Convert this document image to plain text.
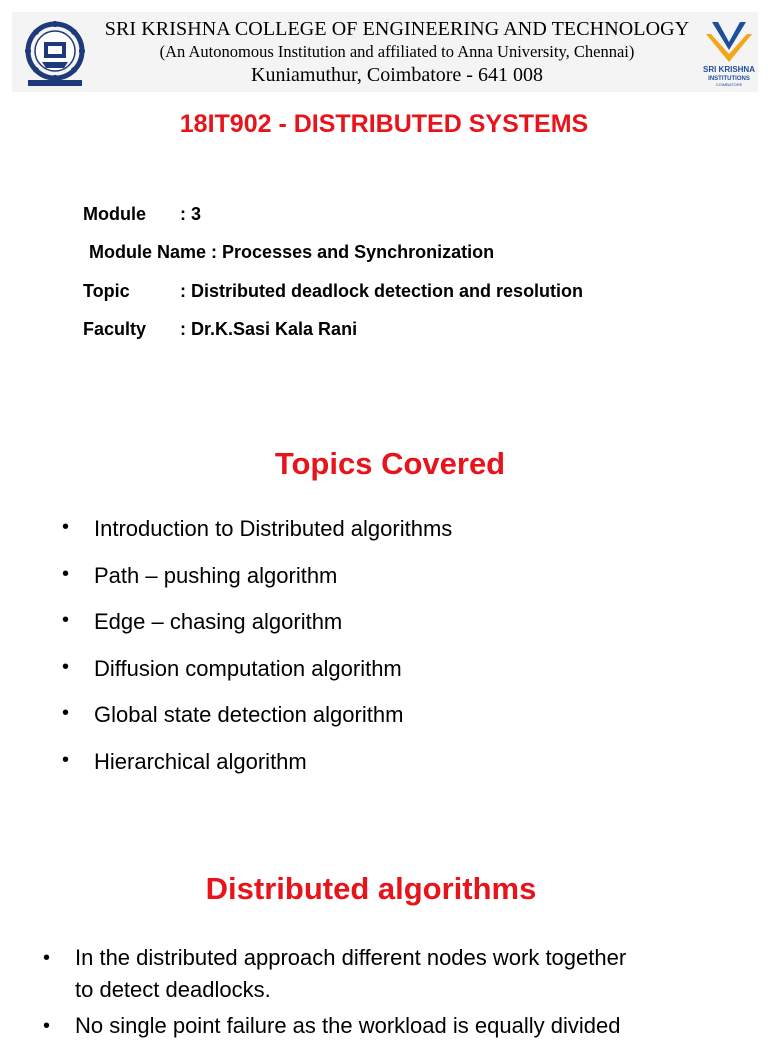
SRI KRISHNA COLLEGE OF ENGINEERING AND TECHNOLOGY
(An Autonomous Institution and affiliated to Anna University, Chennai)
Kuniamuthur, Coimbatore - 641 008	SRI KRISHNA
INSTITUTIONS
COIMBATORE
18IT902 - DISTRIBUTED SYSTEMS
Module : 3
Module Name : Processes and Synchronization
Topic	: Distributed deadlock detection and resolution
Faculty : Dr.K.Sasi Kala Rani
Topics Covered
• Introduction to Distributed algorithms
• Path – pushing algorithm
• Edge – chasing algorithm
• Diffusion computation algorithm
• Global state detection algorithm
• Hierarchical algorithm
Distributed algorithms
• In the distributed approach different nodes work together
to detect deadlocks.
• No single point failure as the workload is equally divided
